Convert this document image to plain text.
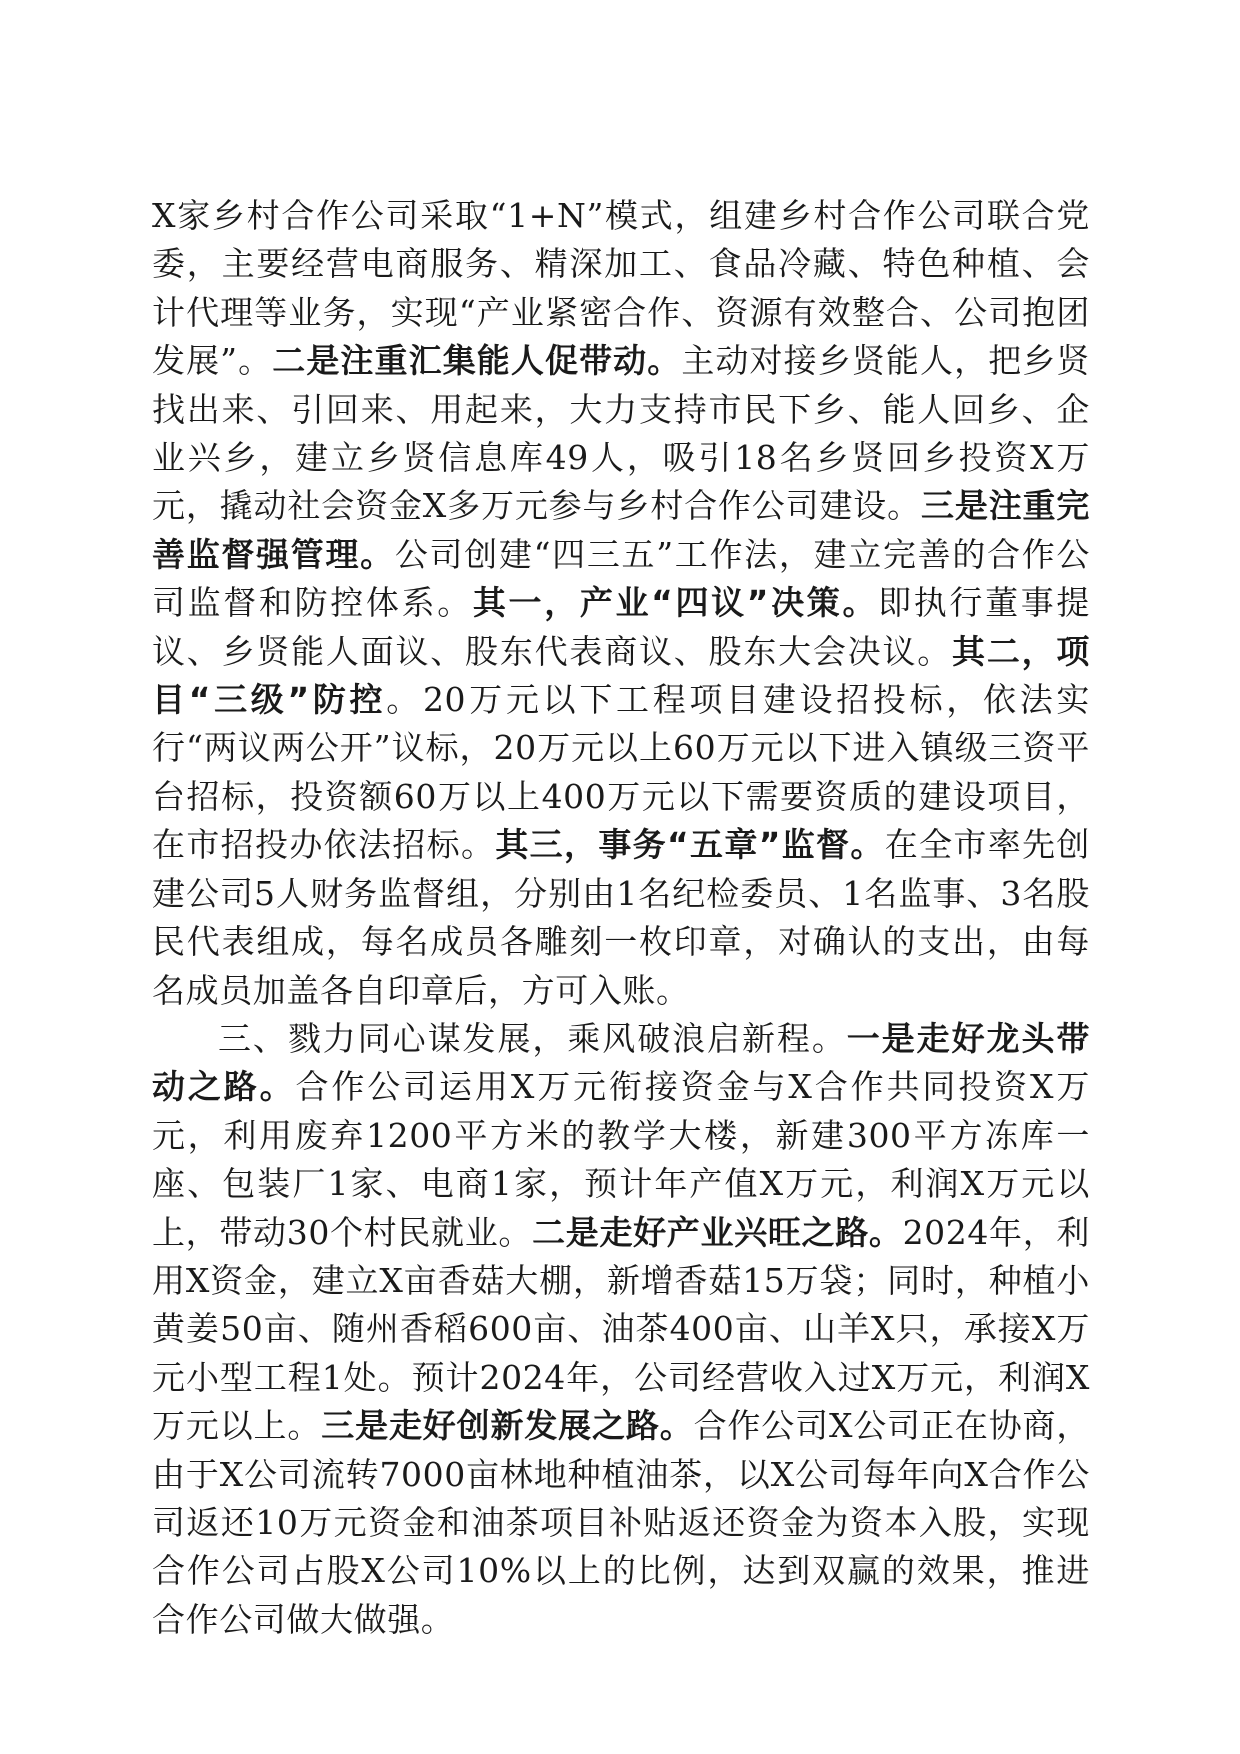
X家乡村合作公司采取“1+N”模式，组建乡村合作公司联合党委，主要经营电商服务、精深加工、食品冷藏、特色种植、会计代理等业务，实现“产业紧密合作、资源有效整合、公司抱团发展”。二是注重汇集能人促带动。主动对接乡贤能人，把乡贤找出来、引回来、用起来，大力支持市民下乡、能人回乡、企业兴乡，建立乡贤信息库49人，吸引18名乡贤回乡投资X万元，撬动社会资金X多万元参与乡村合作公司建设。三是注重完善监督强管理。公司创建“四三五”工作法，建立完善的合作公司监督和防控体系。其一，产业“四议”决策。即执行董事提议、乡贤能人面议、股东代表商议、股东大会决议。其二，项目“三级”防控。20万元以下工程项目建设招投标，依法实行“两议两公开”议标，20万元以上60万元以下进入镇级三资平台招标，投资额60万以上400万元以下需要资质的建设项目，在市招投办依法招标。其三，事务“五章”监督。在全市率先创建公司5人财务监督组，分别由1名纪检委员、1名监事、3名股民代表组成，每名成员各雕刻一枚印章，对确认的支出，由每名成员加盖各自印章后，方可入账。

三、戮力同心谋发展，乘风破浪启新程。一是走好龙头带动之路。合作公司运用X万元衔接资金与X合作共同投资X万元，利用废弃1200平方米的教学大楼，新建300平方冻库一座、包装厂1家、电商1家，预计年产值X万元，利润X万元以上，带动30个村民就业。二是走好产业兴旺之路。2024年，利用X资金，建立X亩香菇大棚，新增香菇15万袋；同时，种植小黄姜50亩、随州香稻600亩、油茶400亩、山羊X只，承接X万元小型工程1处。预计2024年，公司经营收入过X万元，利润X万元以上。三是走好创新发展之路。合作公司X公司正在协商，由于X公司流转7000亩林地种植油茶，以X公司每年向X合作公司返还10万元资金和油茶项目补贴返还资金为资本入股，实现合作公司占股X公司10%以上的比例，达到双赢的效果，推进合作公司做大做强。
